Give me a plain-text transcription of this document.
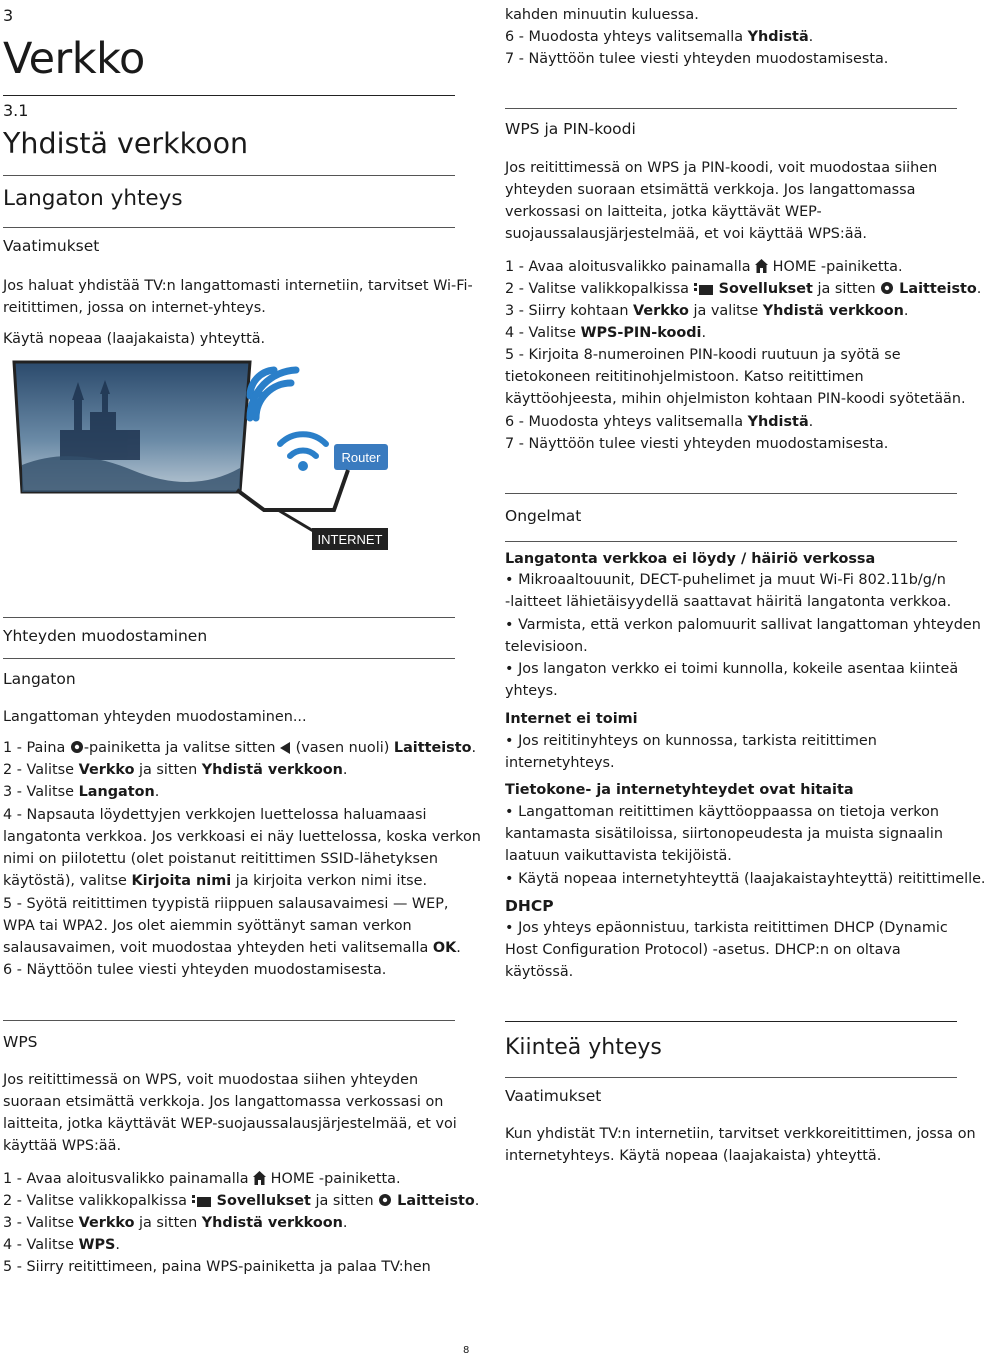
3
Verkko
3.1
Yhdistä verkkoon
Langaton yhteys
Vaatimukset
Jos haluat yhdistää TV:n langattomasti internetiin, tarvitset Wi-Fi-
reitittimen, jossa on internet-yhteys.
Käytä nopeaa (laajakaista) yhteyttä.
Router
INTERNET
Yhteyden muodostaminen
Langaton
Langattoman yhteyden muodostaminen...
1 - Paina -painiketta ja valitse sitten  (vasen nuoli) Laitteisto.
2 - Valitse Verkko ja sitten Yhdistä verkkoon.
3 - Valitse Langaton.
4 - Napsauta löydettyjen verkkojen luettelossa haluamaasi
langatonta verkkoa. Jos verkkoasi ei näy luettelossa, koska verkon
nimi on piilotettu (olet poistanut reitittimen SSID-lähetyksen
käytöstä), valitse Kirjoita nimi ja kirjoita verkon nimi itse.
5 - Syötä reitittimen tyypistä riippuen salausavaimesi — WEP,
WPA tai WPA2. Jos olet aiemmin syöttänyt saman verkon
salausavaimen, voit muodostaa yhteyden heti valitsemalla OK.
6 - Näyttöön tulee viesti yhteyden muodostamisesta.
WPS
Jos reitittimessä on WPS, voit muodostaa siihen yhteyden
suoraan etsimättä verkkoja. Jos langattomassa verkossasi on
laitteita, jotka käyttävät WEP-suojaussalausjärjestelmää, et voi
käyttää WPS:ää.
1 - Avaa aloitusvalikko painamalla  HOME -painiketta.
2 - Valitse valikkopalkissa  Sovellukset ja sitten  Laitteisto.
3 - Valitse Verkko ja sitten Yhdistä verkkoon.
4 - Valitse WPS.
5 - Siirry reitittimeen, paina WPS-painiketta ja palaa TV:hen
kahden minuutin kuluessa.
6 - Muodosta yhteys valitsemalla Yhdistä.
7 - Näyttöön tulee viesti yhteyden muodostamisesta.
WPS ja PIN-koodi
Jos reitittimessä on WPS ja PIN-koodi, voit muodostaa siihen
yhteyden suoraan etsimättä verkkoja. Jos langattomassa
verkossasi on laitteita, jotka käyttävät WEP-
suojaussalausjärjestelmää, et voi käyttää WPS:ää.
1 - Avaa aloitusvalikko painamalla  HOME -painiketta.
2 - Valitse valikkopalkissa  Sovellukset ja sitten  Laitteisto.
3 - Siirry kohtaan Verkko ja valitse Yhdistä verkkoon.
4 - Valitse WPS-PIN-koodi.
5 - Kirjoita 8-numeroinen PIN-koodi ruutuun ja syötä se
tietokoneen reititinohjelmistoon. Katso reitittimen
käyttöohjeesta, mihin ohjelmiston kohtaan PIN-koodi syötetään.
6 - Muodosta yhteys valitsemalla Yhdistä.
7 - Näyttöön tulee viesti yhteyden muodostamisesta.
Ongelmat
Langatonta verkkoa ei löydy / häiriö verkossa
• Mikroaaltouunit, DECT-puhelimet ja muut Wi-Fi 802.11b/g/n
-laitteet lähietäisyydellä saattavat häiritä langatonta verkkoa.
• Varmista, että verkon palomuurit sallivat langattoman yhteyden
televisioon.
• Jos langaton verkko ei toimi kunnolla, kokeile asentaa kiinteä
yhteys.
Internet ei toimi
• Jos reititinyhteys on kunnossa, tarkista reitittimen
internetyhteys.
Tietokone- ja internetyhteydet ovat hitaita
• Langattoman reitittimen käyttöoppaassa on tietoja verkon
kantamasta sisätiloissa, siirtonopeudesta ja muista signaalin
laatuun vaikuttavista tekijöistä.
• Käytä nopeaa internetyhteyttä (laajakaistayhteyttä) reitittimelle.
DHCP
• Jos yhteys epäonnistuu, tarkista reitittimen DHCP (Dynamic
Host Configuration Protocol) -asetus. DHCP:n on oltava
käytössä.
Kiinteä yhteys
Vaatimukset
Kun yhdistät TV:n internetiin, tarvitset verkkoreitittimen, jossa on
internetyhteys. Käytä nopeaa (laajakaista) yhteyttä.
8
